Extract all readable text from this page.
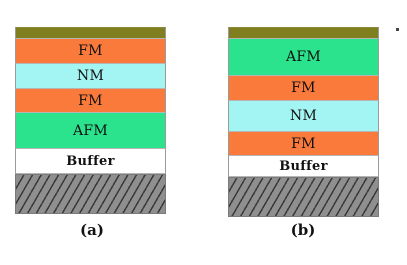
FM
NM
FM
AFM
Buffer
AFM
FM
NM
FM
Buffer
(a)	(b)
